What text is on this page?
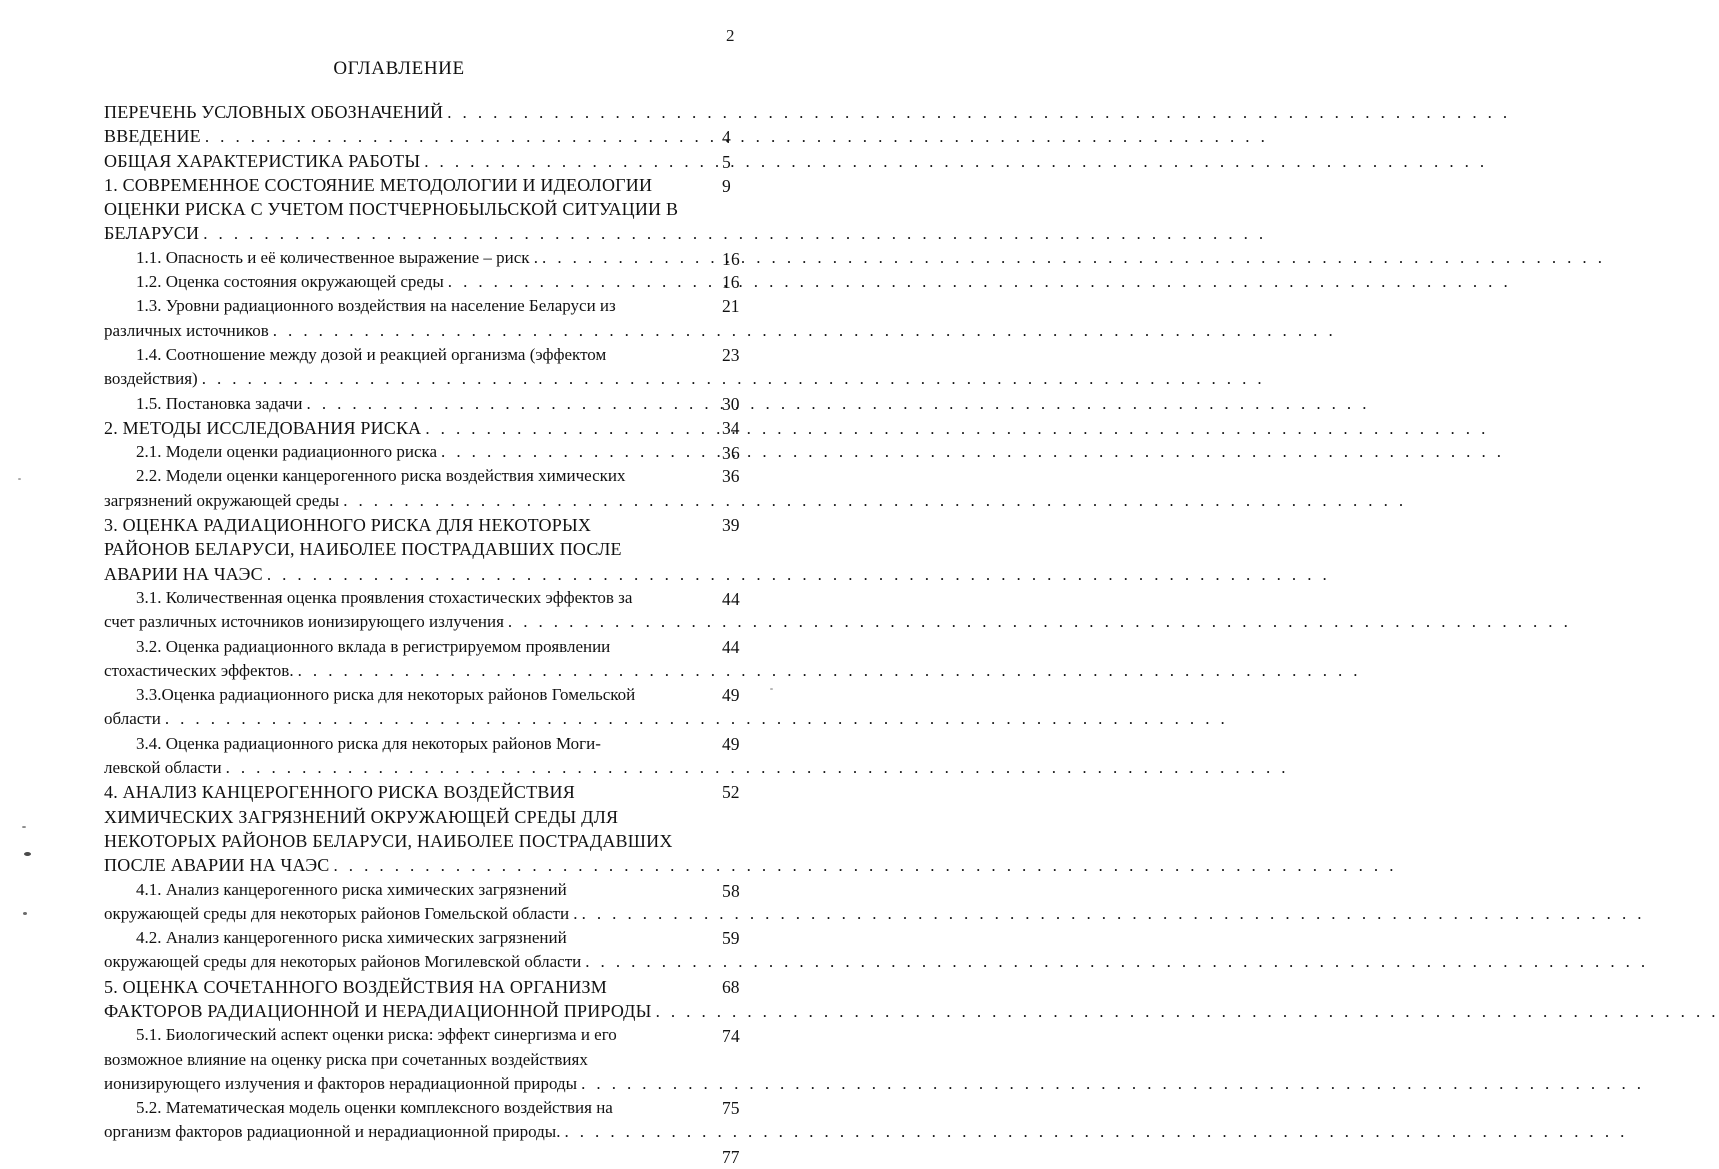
2
ОГЛАВЛЕНИЕ
ПЕРЕЧЕНЬ УСЛОВНЫХ ОБОЗНАЧЕНИЙ
. . .
4
ВВЕДЕНИЕ
. . .
5
ОБЩАЯ ХАРАКТЕРИСТИКА РАБОТЫ
. . .
9
1. СОВРЕМЕННОЕ СОСТОЯНИЕ МЕТОДОЛОГИИ И ИДЕОЛОГИИ
ОЦЕНКИ РИСКА С УЧЕТОМ ПОСТЧЕРНОБЫЛЬСКОЙ СИТУАЦИИ В
БЕЛАРУСИ
. . .
16
1.1. Опасность и её количественное выражение – риск .
. . .
16
1.2. Оценка состояния окружающей среды
. . .
21
1.3. Уровни радиационного воздействия на население Беларуси из
различных источников
. . .
23
1.4. Соотношение между дозой и реакцией организма (эффектом
воздействия)
. . .
30
1.5. Постановка задачи
. . .
34
2. МЕТОДЫ ИССЛЕДОВАНИЯ РИСКА
. . .
36
2.1. Модели оценки радиационного риска
. . .
36
2.2. Модели оценки канцерогенного риска воздействия химических
загрязнений окружающей среды
. . .
39
3. ОЦЕНКА РАДИАЦИОННОГО РИСКА ДЛЯ НЕКОТОРЫХ
РАЙОНОВ БЕЛАРУСИ, НАИБОЛЕЕ ПОСТРАДАВШИХ ПОСЛЕ
АВАРИИ НА ЧАЭС
. . .
44
3.1. Количественная оценка проявления стохастических эффектов за
счет различных источников ионизирующего излучения
. . .
44
3.2. Оценка радиационного вклада в регистрируемом проявлении
стохастических эффектов.
. . .
49
3.3.Оценка радиационного риска для некоторых районов Гомельской
области
. . .
49
3.4. Оценка радиационного риска для некоторых районов Моги-
левской области
. . .
52
4. АНАЛИЗ КАНЦЕРОГЕННОГО РИСКА ВОЗДЕЙСТВИЯ
ХИМИЧЕСКИХ ЗАГРЯЗНЕНИЙ ОКРУЖАЮЩЕЙ СРЕДЫ ДЛЯ
НЕКОТОРЫХ РАЙОНОВ БЕЛАРУСИ, НАИБОЛЕЕ ПОСТРАДАВШИХ
ПОСЛЕ АВАРИИ НА ЧАЭС
. . .
58
4.1. Анализ канцерогенного риска химических загрязнений
окружающей среды для некоторых районов Гомельской области .
. . .
59
4.2. Анализ канцерогенного риска химических загрязнений
окружающей среды для некоторых районов Могилевской области
. . .
68
5. ОЦЕНКА СОЧЕТАННОГО ВОЗДЕЙСТВИЯ НА ОРГАНИЗМ
ФАКТОРОВ РАДИАЦИОННОЙ И НЕРАДИАЦИОННОЙ ПРИРОДЫ
. . .
74
5.1. Биологический аспект оценки риска: эффект синергизма и его
возможное влияние на оценку риска при сочетанных воздействиях
ионизирующего излучения и факторов нерадиационной природы
. . .
75
5.2. Математическая модель оценки комплексного воздействия на
организм факторов радиационной и нерадиационной природы.
. . .
77
